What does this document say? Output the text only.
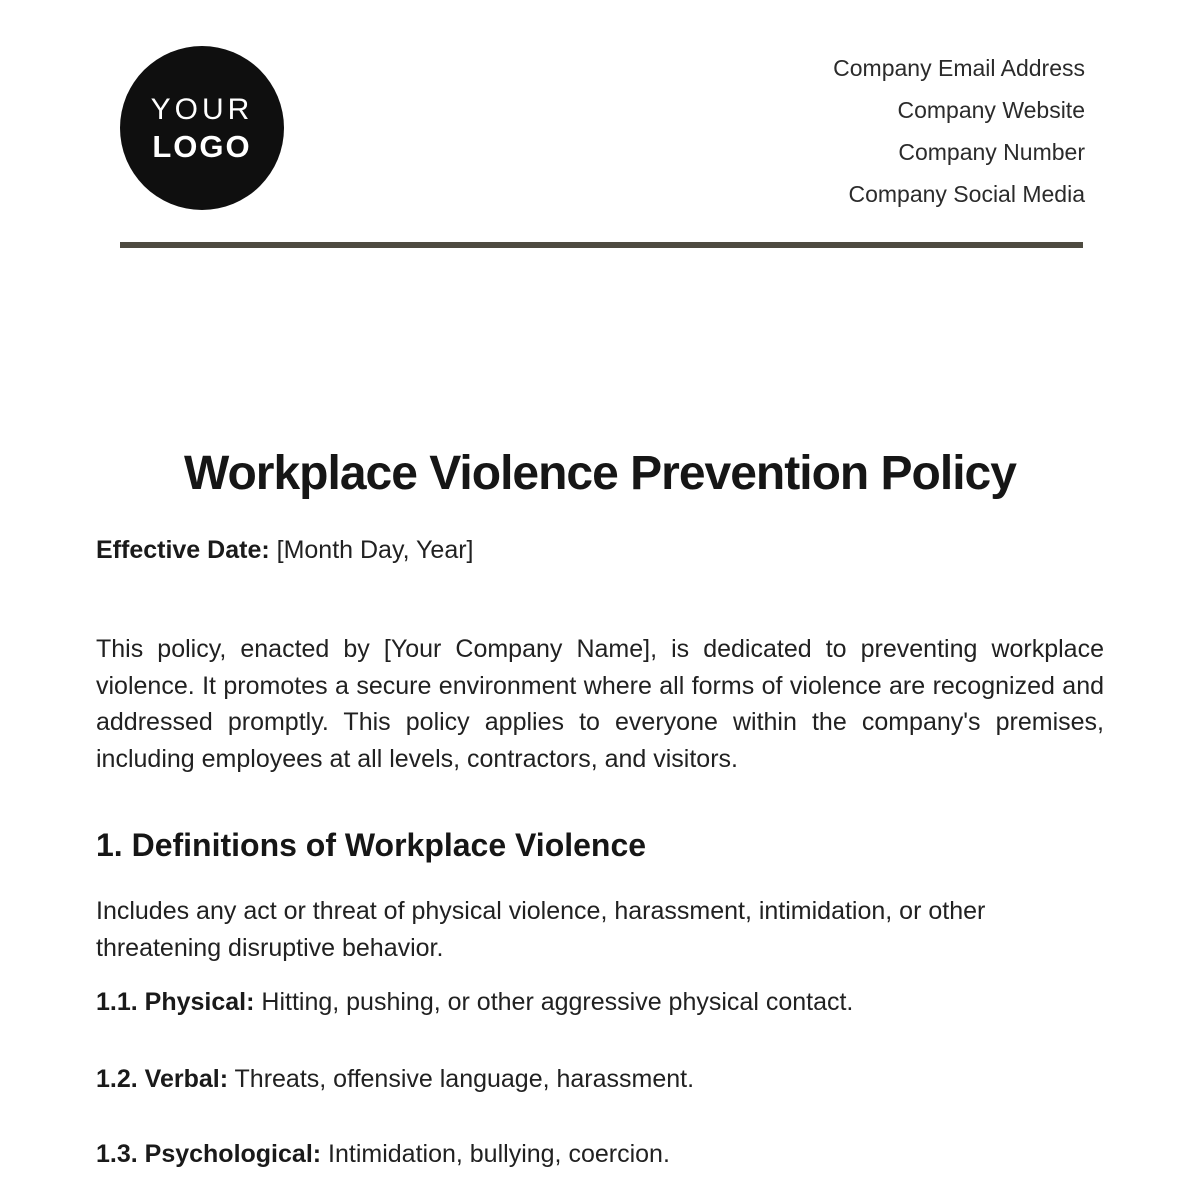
YOUR
LOGO
Company Email Address
Company Website
Company Number
Company Social Media
Workplace Violence Prevention Policy
Effective Date: [Month Day, Year]

This policy, enacted by [Your Company Name], is dedicated to preventing workplace violence. It promotes a secure environment where all forms of violence are recognized and addressed promptly. This policy applies to everyone within the company's premises, including employees at all levels, contractors, and visitors.

1. Definitions of Workplace Violence

Includes any act or threat of physical violence, harassment, intimidation, or other threatening disruptive behavior.

1.1. Physical: Hitting, pushing, or other aggressive physical contact.
1.2. Verbal: Threats, offensive language, harassment.
1.3. Psychological: Intimidation, bullying, coercion.
